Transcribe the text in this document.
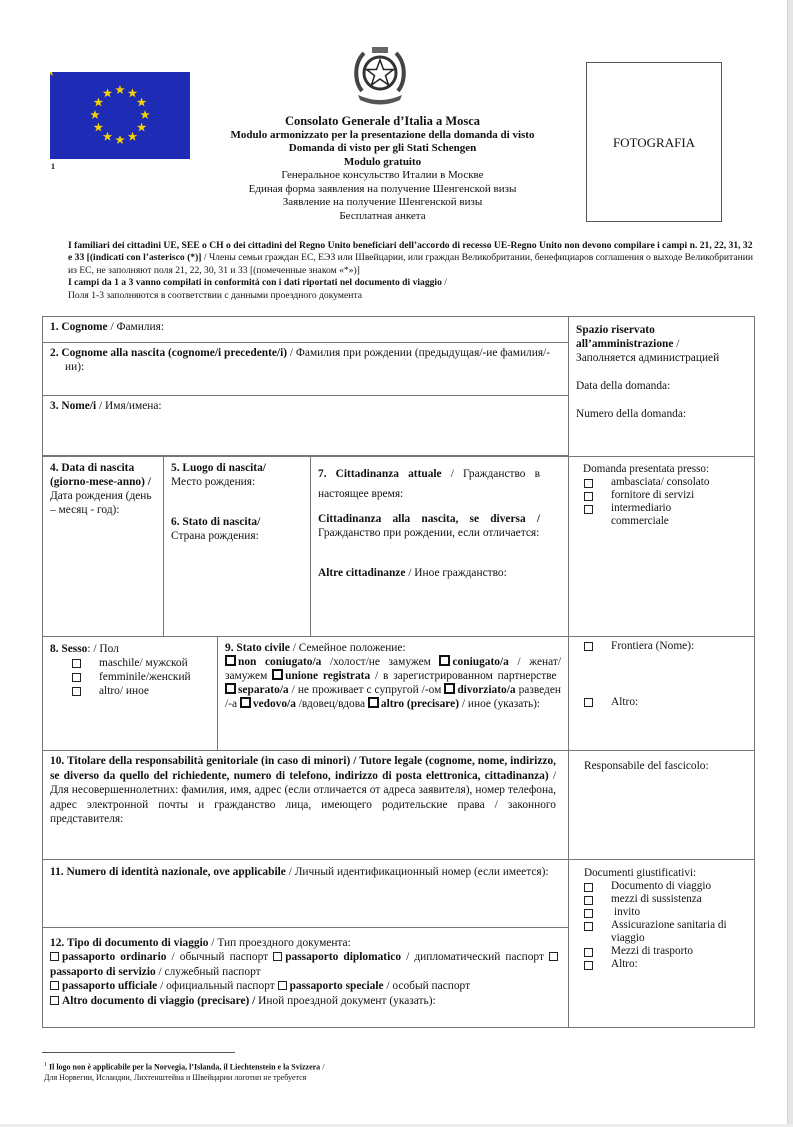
1
Consolato Generale d’Italia a Mosca
Modulo armonizzato per la presentazione della domanda di visto
Domanda di visto per gli Stati Schengen
Modulo gratuito
Генеральное консульство Италии в Москве
Единая форма заявления на получение Шенгенской визы
Заявление на получение Шенгенской визы
Бесплатная анкета
FOTOGRAFIA

I familiari dei cittadini UE, SEE o CH o dei cittadini del Regno Unito beneficiari dell’accordo di recesso UE-Regno Unito non devono compilare i campi n. 21, 22, 31, 32 e 33 [(indicati con l’asterisco (*)] / Члены семьи граждан ЕС, ЕЭЗ или Швейцарии, или граждан Великобритании, бенефициаров соглашения о выходе Великобритании из ЕС, не заполняют поля 21, 22, 30, 31 и 33 [(помеченные знаком «*»)]

I campi da 1 a 3 vanno compilati in conformità con i dati riportati nel documento di viaggio /

Поля 1-3 заполняются в соответствии с данными проездного документа

1. Cognome / Фамилия:
2. Cognome alla nascita (cognome/i precedente/i) / Фамилия при рождении (предыдущая/-ие фамилия/-ии):
3. Nome/i / Имя/имена:
Spazio riservato all’amministrazione /
Заполняется администрацией
Data della domanda:
Numero della domanda:
4. Data di nascita (giorno-mese-anno) / Дата рождения (день – месяц - год):
5. Luogo di nascita/
Место рождения:
6. Stato di nascita/
Страна рождения:
7. Cittadinanza attuale / Гражданство в настоящее время:
Cittadinanza alla nascita, se diversa / Гражданство при рождении, если отличается:
Altre cittadinanze / Иное гражданство:
Domanda presentata presso:
ambasciata/ consolato
fornitore di servizi
intermediario commerciale
8. Sesso: / Пол
maschile/ мужской
femminile/женский
altro/ иное
9. Stato civile / Семейное положение:
non coniugato/a /холост/не замужем coniugato/a / женат/ замужем unione registrata / в зарегистрированном партнерстве
separato/a / не проживает с супругой /-ом divorziato/a разведен /-а vedovo/a /вдовец/вдова altro (precisare) / иное (указать):
Frontiera (Nome):
Altro:
10. Titolare della responsabilità genitoriale (in caso di minori) / Tutore legale (cognome, nome, indirizzo, se diverso da quello del richiedente, numero di telefono, indirizzo di posta elettronica, cittadinanza) / Для несовершеннолетних: фамилия, имя, адрес (если отличается от адреса заявителя), номер телефона, адрес электронной почты и гражданство лица, имеющего родительские права / законного представителя:
Responsabile del fascicolo:
11. Numero di identità nazionale, ove applicabile / Личный идентификационный номер (если имеется):
12. Tipo di documento di viaggio / Тип проездного документа:
passaporto ordinario / обычный паспорт passaporto diplomatico / дипломатический паспорт passaporto di servizio / служебный паспорт
passaporto ufficiale / официальный паспорт passaporto speciale / особый паспорт
Altro documento di viaggio (precisare) / Иной проездной документ (указать):
Documenti giustificativi:
Documento di viaggio
mezzi di sussistenza
invito
Assicurazione sanitaria di viaggio
Mezzi di trasporto
Altro:
$^1$ Il logo non è applicabile per la Norvegia, l’Islanda, il Liechtenstein e la Svizzera /
Для Норвегии, Исландии, Лихтенштейна и Швейцарии логотип не требуется
